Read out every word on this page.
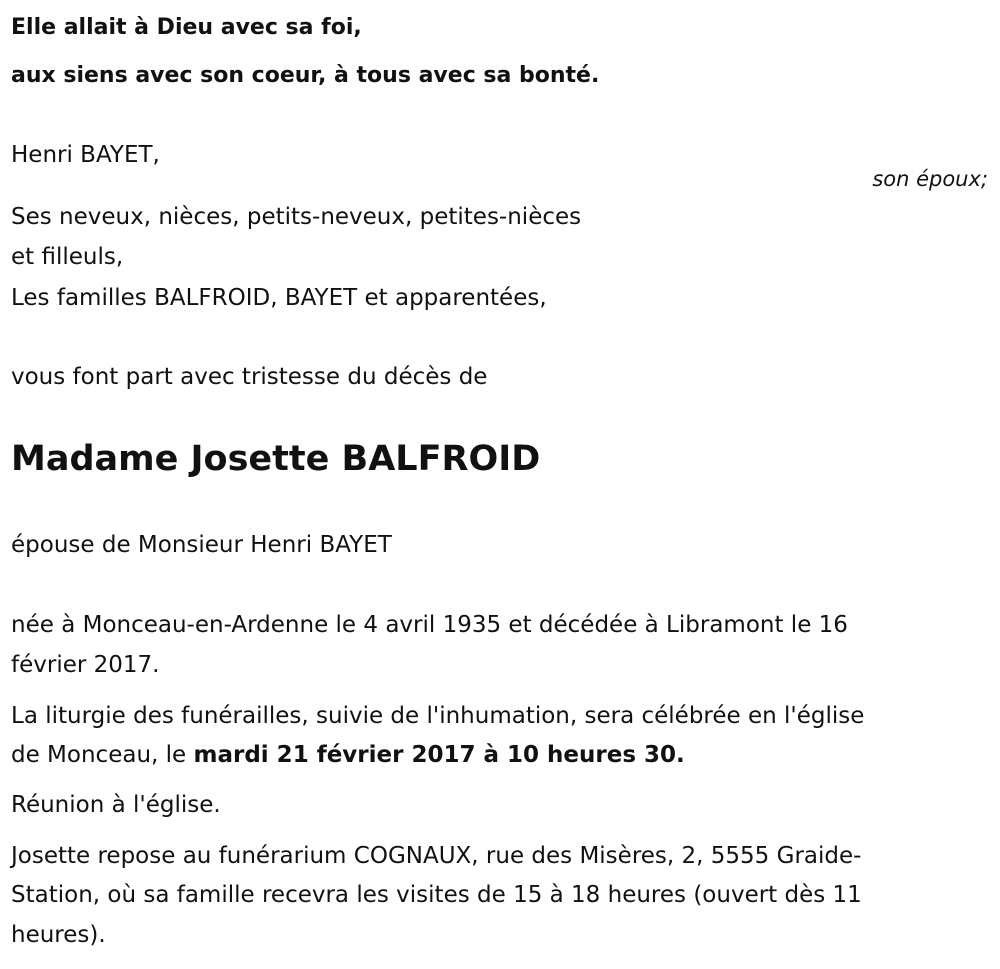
Elle allait à Dieu avec sa foi,
aux siens avec son coeur, à tous avec sa bonté.
Henri BAYET,
son époux;
Ses neveux, nièces, petits-neveux, petites-nièces
et filleuls,
Les familles BALFROID, BAYET et apparentées,
vous font part avec tristesse du décès de
Madame Josette BALFROID
épouse de Monsieur Henri BAYET
née à Monceau-en-Ardenne le 4 avril 1935 et décédée à Libramont le 16
février 2017.
La liturgie des funérailles, suivie de l'inhumation, sera célébrée en l'église
de Monceau, le mardi 21 février 2017 à 10 heures 30.
Réunion à l'église.
Josette repose au funérarium COGNAUX, rue des Misères, 2, 5555 Graide-
Station, où sa famille recevra les visites de 15 à 18 heures (ouvert dès 11
heures).
